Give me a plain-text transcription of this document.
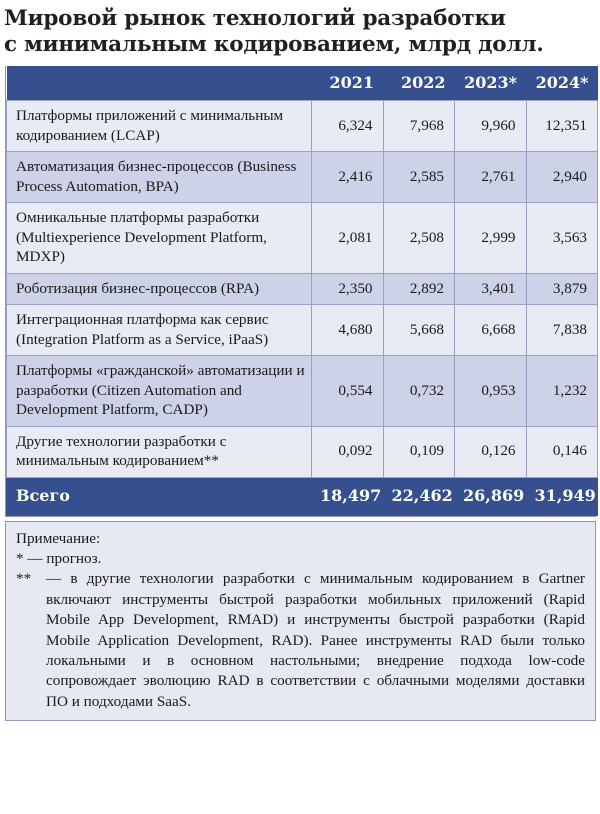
Мировой рынок технологий разработки
с минимальным кодированием, млрд долл.
	2021	2022	2023*	2024*
Платформы приложений с минимальным кодированием (LCAP)	6,324	7,968	9,960	12,351
Автоматизация бизнес-процессов (Business Process Automation, BPA)	2,416	2,585	2,761	2,940
Омникальные платформы разработки (Multiexperience Development Platform, MDXP)	2,081	2,508	2,999	3,563
Роботизация бизнес-процессов (RPA)	2,350	2,892	3,401	3,879
Интеграционная платформа как сервис (Integration Platform as a Service, iPaaS)	4,680	5,668	6,668	7,838
Платформы «гражданской» автоматизации и разработки (Citizen Automation and Development Platform, CADP)	0,554	0,732	0,953	1,232
Другие технологии разработки с минимальным кодированием**	0,092	0,109	0,126	0,146
Всего	18,497	22,462	26,869	31,949
Примечание:
* — прогноз.
** — в другие технологии разработки с минимальным кодированием в Gartner включают инструменты быстрой разработки мобильных приложений (Rapid Mobile App Development, RMAD) и инструменты быстрой разработки (Rapid Mobile Application Development, RAD). Ранее инструменты RAD были только локальными и в основном настольными; внедрение подхода low-code сопровождает эволюцию RAD в соответствии с облачными моделями доставки ПО и подходами SaaS.
